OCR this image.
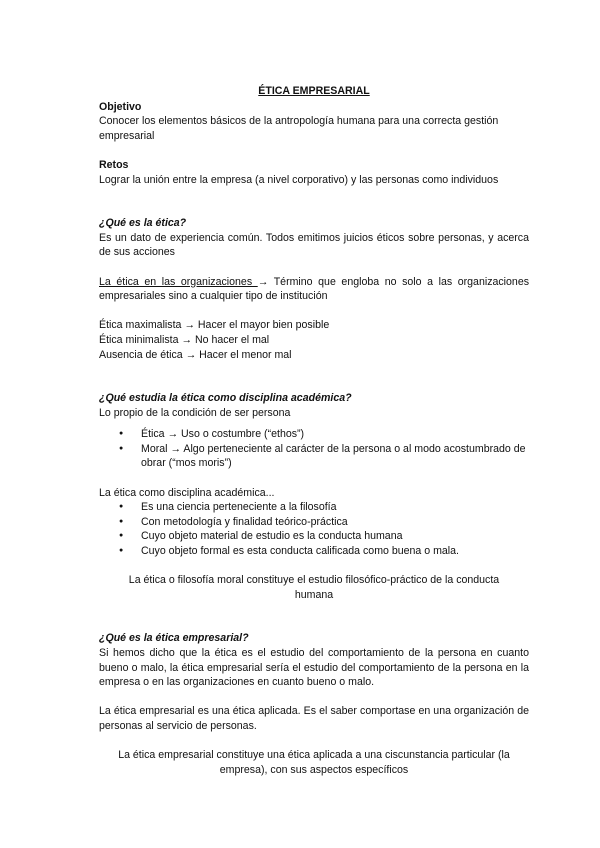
ÉTICA EMPRESARIAL

Objetivo

Conocer los elementos básicos de la antropología humana para una correcta gestión empresarial

Retos

Lograr la unión entre la empresa (a nivel corporativo) y las personas como individuos

¿Qué es la ética?

Es un dato de experiencia común. Todos emitimos juicios éticos sobre personas, y acerca de sus acciones

La ética en las organizaciones → Término que engloba no solo a las organizaciones empresariales sino a cualquier tipo de institución

Ética maximalista → Hacer el mayor bien posible

Ética minimalista → No hacer el mal

Ausencia de ética → Hacer el menor mal

¿Qué estudia la ética como disciplina académica?

Lo propio de la condición de ser persona

● Ética → Uso o costumbre (“ethos”)
● Moral → Algo perteneciente al carácter de la persona o al modo acostumbrado de obrar (“mos moris”)

La ética como disciplina académica...

● Es una ciencia perteneciente a la filosofía
● Con metodología y finalidad teórico-práctica
● Cuyo objeto material de estudio es la conducta humana
● Cuyo objeto formal es esta conducta calificada como buena o mala.

La ética o filosofía moral constituye el estudio filosófico-práctico de la conducta humana

¿Qué es la ética empresarial?

Si hemos dicho que la ética es el estudio del comportamiento de la persona en cuanto bueno o malo, la ética empresarial sería el estudio del comportamiento de la persona en la empresa o en las organizaciones en cuanto bueno o malo.

La ética empresarial es una ética aplicada. Es el saber comportase en una organización de personas al servicio de personas.

La ética empresarial constituye una ética aplicada a una ciscunstancia particular (la empresa), con sus aspectos específicos
